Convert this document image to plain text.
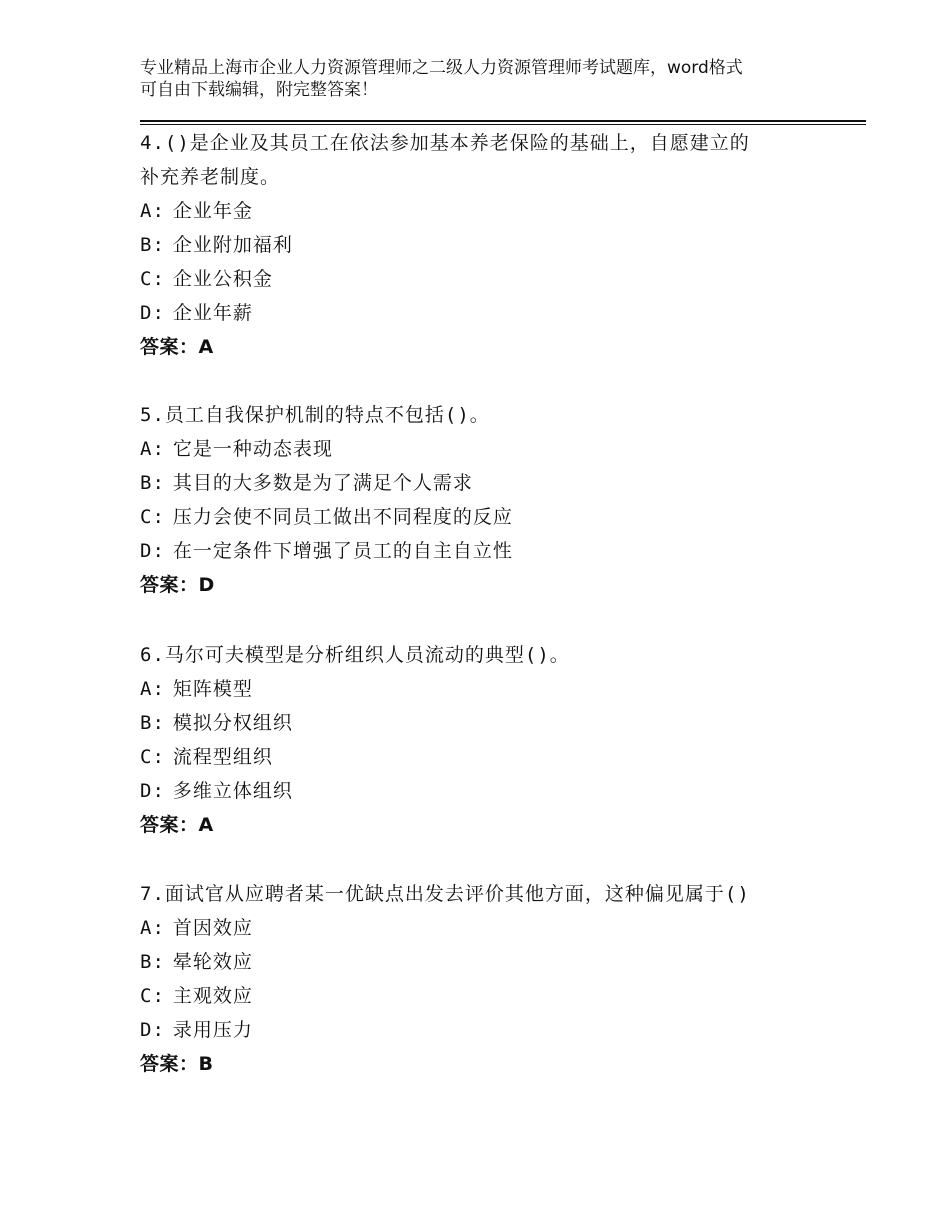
专业精品上海市企业人力资源管理师之二级人力资源管理师考试题库，word格式
可自由下载编辑，附完整答案！
4.()是企业及其员工在依法参加基本养老保险的基础上，自愿建立的
补充养老制度。
A: 企业年金
B: 企业附加福利
C: 企业公积金
D: 企业年薪
答案：A
5.员工自我保护机制的特点不包括()。
A: 它是一种动态表现
B: 其目的大多数是为了满足个人需求
C: 压力会使不同员工做出不同程度的反应
D: 在一定条件下增强了员工的自主自立性
答案：D
6.马尔可夫模型是分析组织人员流动的典型()。
A: 矩阵模型
B: 模拟分权组织
C: 流程型组织
D: 多维立体组织
答案：A
7.面试官从应聘者某一优缺点出发去评价其他方面，这种偏见属于()
A: 首因效应
B: 晕轮效应
C: 主观效应
D: 录用压力
答案：B
